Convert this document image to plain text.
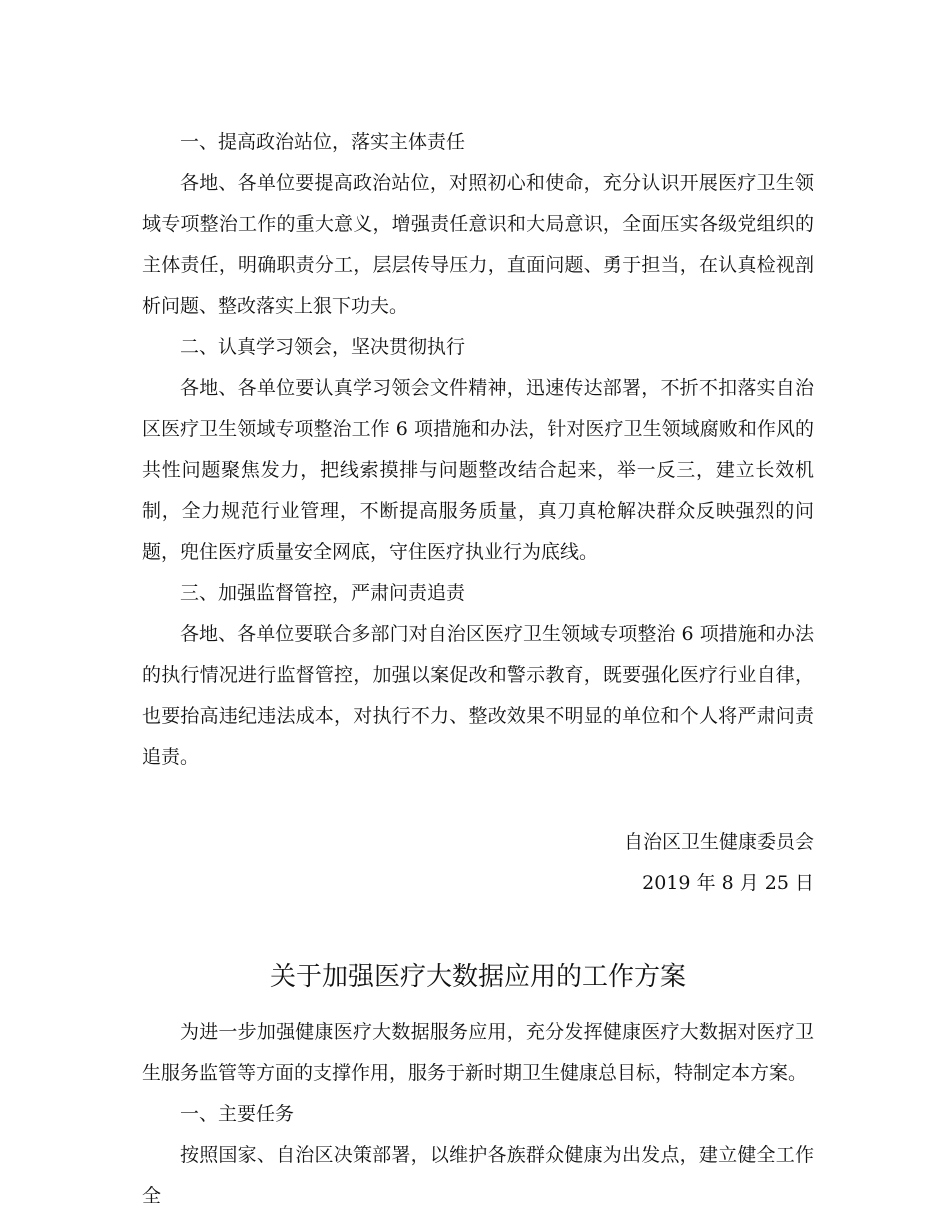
一、提高政治站位，落实主体责任

各地、各单位要提高政治站位，对照初心和使命，充分认识开展医疗卫生领域专项整治工作的重大意义，增强责任意识和大局意识，全面压实各级党组织的主体责任，明确职责分工，层层传导压力，直面问题、勇于担当，在认真检视剖析问题、整改落实上狠下功夫。

二、认真学习领会，坚决贯彻执行

各地、各单位要认真学习领会文件精神，迅速传达部署，不折不扣落实自治区医疗卫生领域专项整治工作 6 项措施和办法，针对医疗卫生领域腐败和作风的共性问题聚焦发力，把线索摸排与问题整改结合起来，举一反三，建立长效机制，全力规范行业管理，不断提高服务质量，真刀真枪解决群众反映强烈的问题，兜住医疗质量安全网底，守住医疗执业行为底线。

三、加强监督管控，严肃问责追责

各地、各单位要联合多部门对自治区医疗卫生领域专项整治 6 项措施和办法的执行情况进行监督管控，加强以案促改和警示教育，既要强化医疗行业自律，也要抬高违纪违法成本，对执行不力、整改效果不明显的单位和个人将严肃问责追责。

自治区卫生健康委员会

2019 年 8 月 25 日

关于加强医疗大数据应用的工作方案

为进一步加强健康医疗大数据服务应用，充分发挥健康医疗大数据对医疗卫生服务监管等方面的支撑作用，服务于新时期卫生健康总目标，特制定本方案。

一、主要任务

按照国家、自治区决策部署，以维护各族群众健康为出发点，建立健全工作全
